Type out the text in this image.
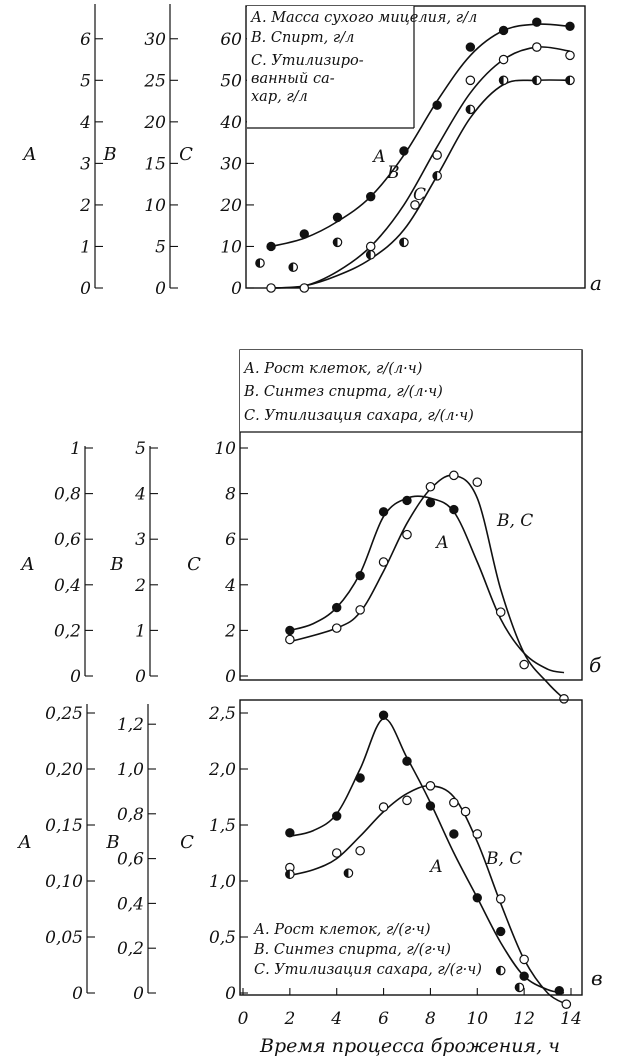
0
1
2
3
4
5
6
А
0
5
10
15
20
25
30
В
0
10
20
30
40
50
60
С
А. Масса сухого мицелия, г/л
В. Спирт, г/л
С. Утилизиро-
ванный са-
хар, г/л
А
В
С
а
0
0,2
0,4
0,6
0,8
1
А
0
1
2
3
4
5
В
0
2
4
6
8
10
С
А. Рост клеток, г/(л·ч)
В. Синтез спирта, г/(л·ч)
С. Утилизация сахара, г/(л·ч)
А
В, С
б
0
0,05
0,10
0,15
0,20
0,25
А
0
0,2
0,4
0,6
0,8
1,0
1,2
В
0
0,5
1,0
1,5
2,0
2,5
С
0 2 4 6 8 10 12 14
Время процесса брожения, ч
А. Рост клеток, г/(г·ч)
В. Синтез спирта, г/(г·ч)
С. Утилизация сахара, г/(г·ч)
А	В, С
в
